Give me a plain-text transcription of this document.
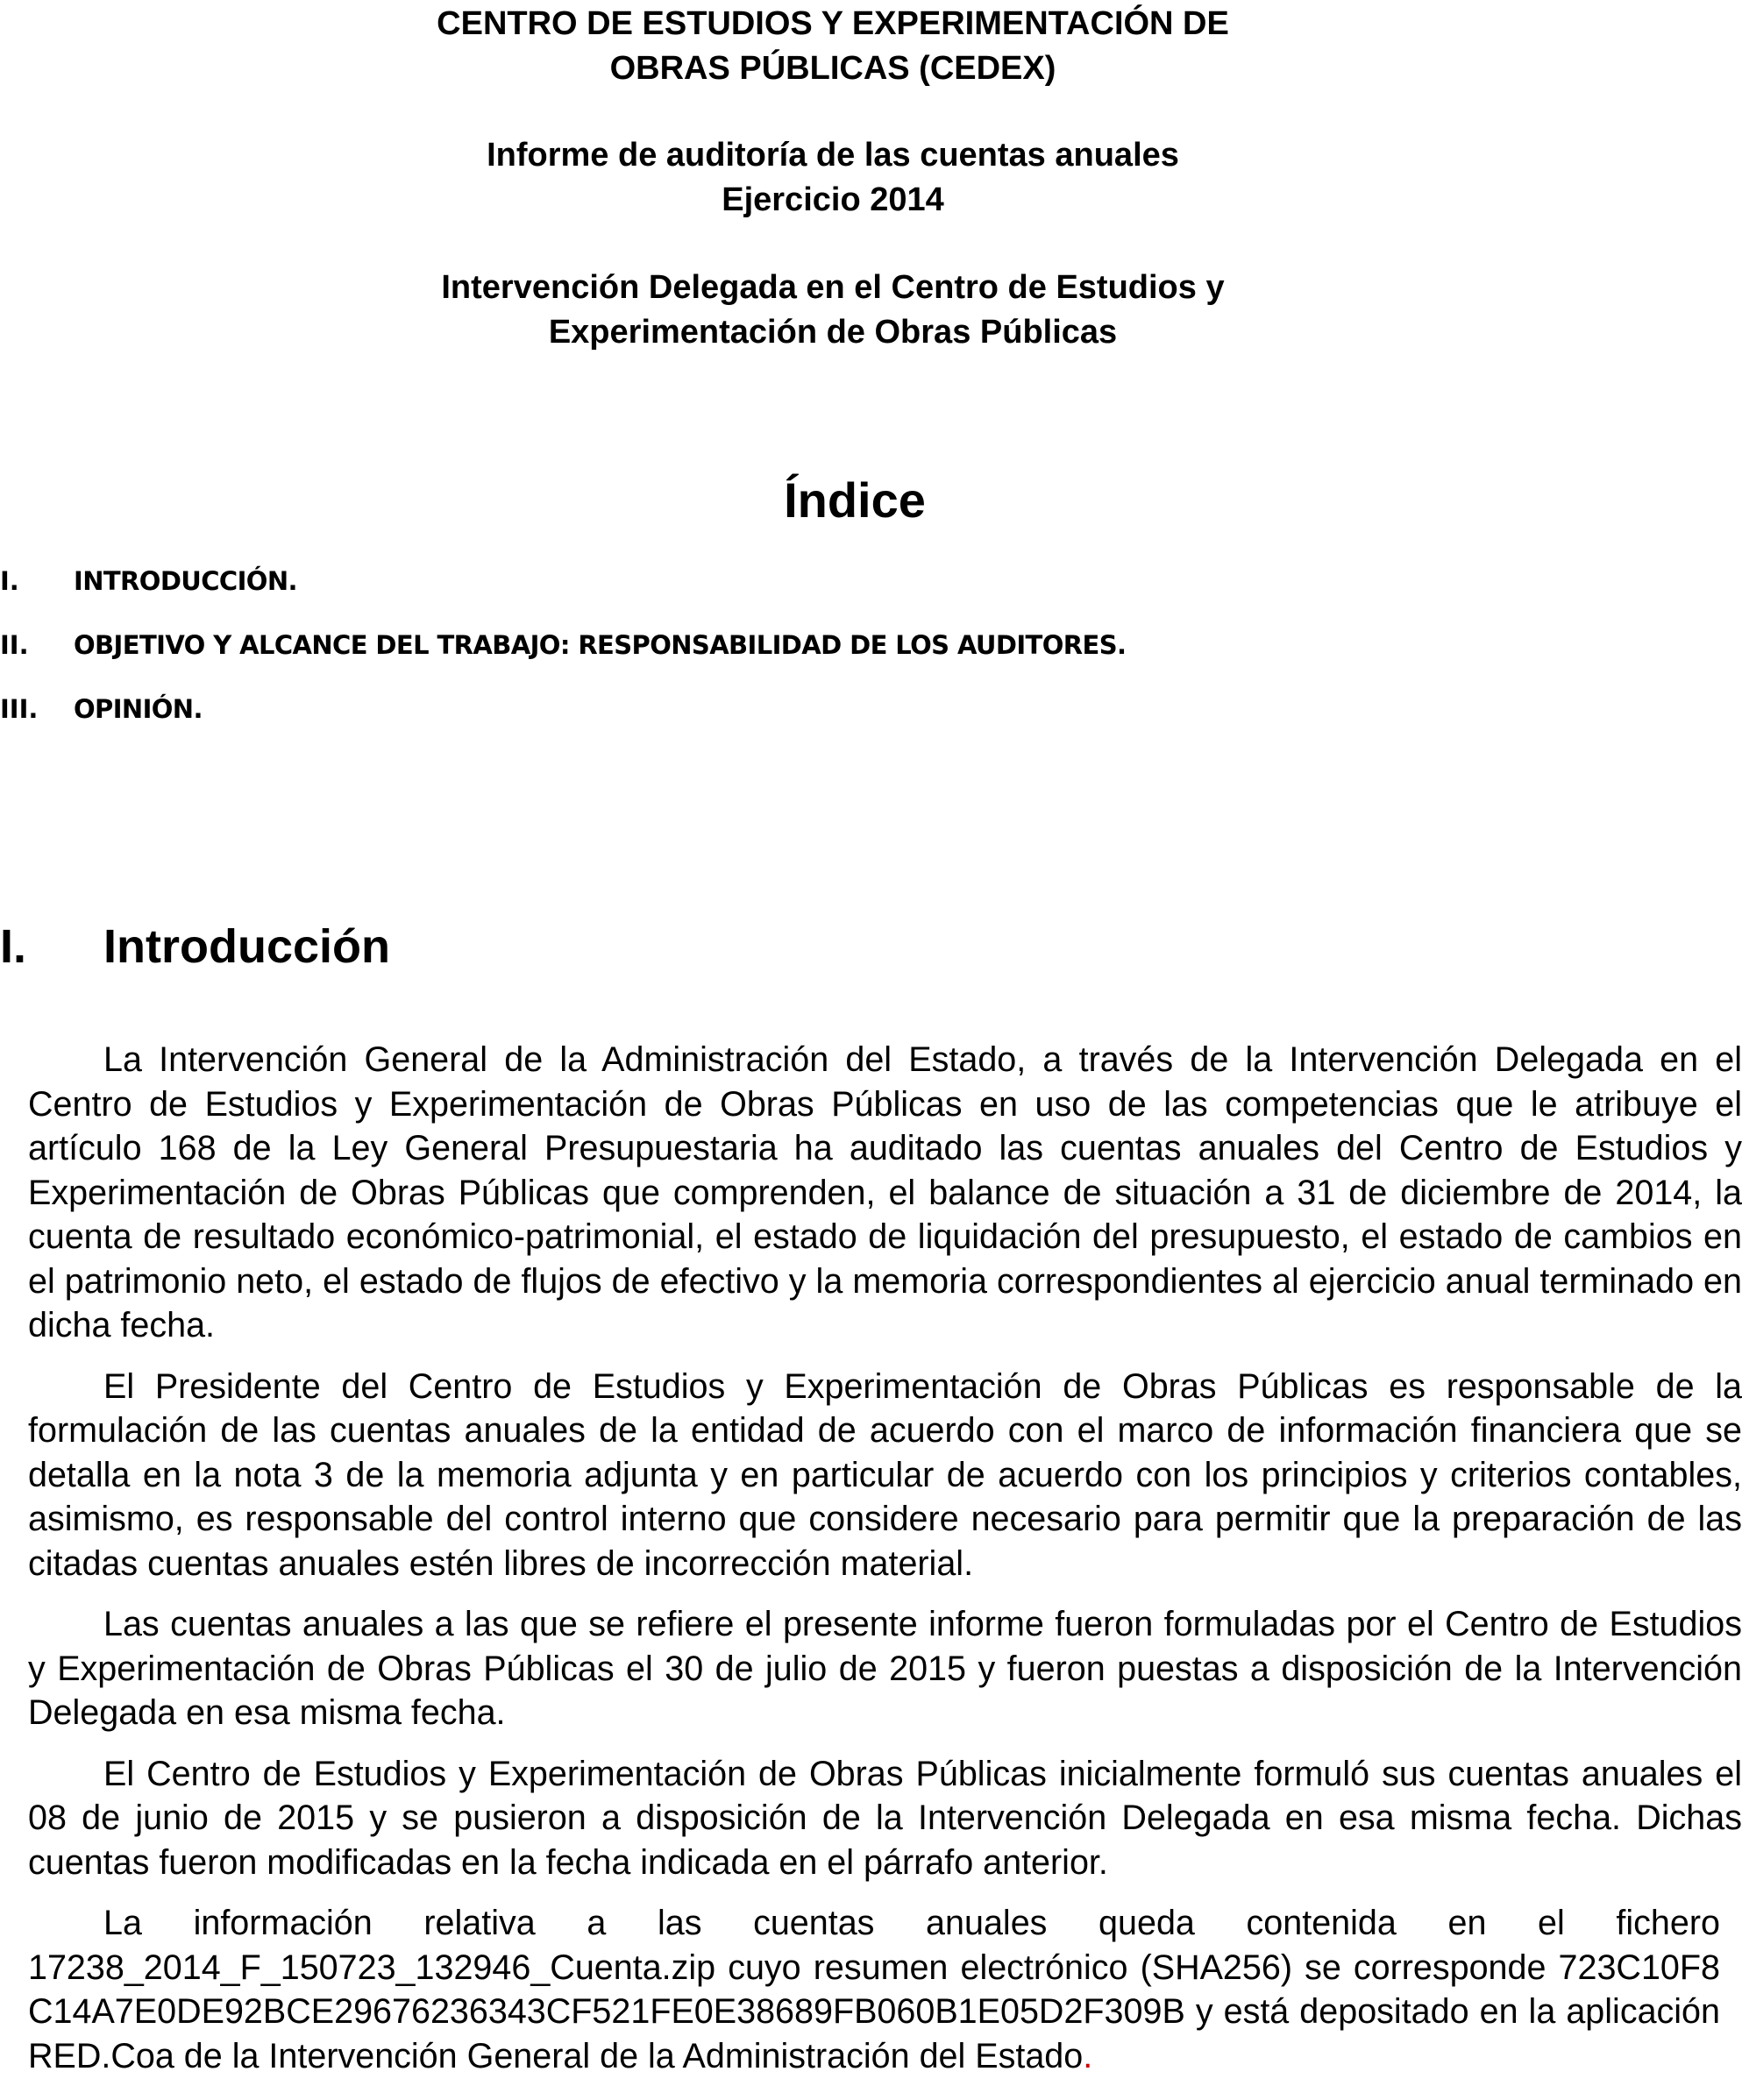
CENTRO DE ESTUDIOS Y EXPERIMENTACIÓN DE
OBRAS PÚBLICAS (CEDEX)
Informe de auditoría de las cuentas anuales
Ejercicio 2014
Intervención Delegada en el Centro de Estudios y
Experimentación de Obras Públicas
Índice
I.	INTRODUCCIÓN.
II.	OBJETIVO Y ALCANCE DEL TRABAJO: RESPONSABILIDAD DE LOS AUDITORES.
III.	OPINIÓN.
I. Introducción

La Intervención General de la Administración del Estado, a través de la Intervención Delegada en el Centro de Estudios y Experimentación de Obras Públicas en uso de las competencias que le atribuye el artículo 168 de la Ley General Presupuestaria ha auditado las cuentas anuales del Centro de Estudios y Experimentación de Obras Públicas que comprenden, el balance de situación a 31 de diciembre de 2014, la cuenta de resultado económico-patrimonial, el estado de liquidación del presupuesto, el estado de cambios en el patrimonio neto, el estado de flujos de efectivo y la memoria correspondientes al ejercicio anual terminado en dicha fecha.

El Presidente del Centro de Estudios y Experimentación de Obras Públicas es responsable de la formulación de las cuentas anuales de la entidad de acuerdo con el marco de información financiera que se detalla en la nota 3 de la memoria adjunta y en particular de acuerdo con los principios y criterios contables, asimismo, es responsable del control interno que considere necesario para permitir que la preparación de las citadas cuentas anuales estén libres de incorrección material.

Las cuentas anuales a las que se refiere el presente informe fueron formuladas por el Centro de Estudios y Experimentación de Obras Públicas el 30 de julio de 2015 y fueron puestas a disposición de la Intervención Delegada en esa misma fecha.

El Centro de Estudios y Experimentación de Obras Públicas inicialmente formuló sus cuentas anuales el 08 de junio de 2015 y se pusieron a disposición de la Intervención Delegada en esa misma fecha. Dichas cuentas fueron modificadas en la fecha indicada en el párrafo anterior.

La información relativa a las cuentas anuales queda contenida en el fichero 17238_2014_F_150723_132946_Cuenta.zip cuyo resumen electrónico (SHA256) se corresponde 723C10F8C14A7E0DE92BCE29676236343CF521FE0E38689FB060B1E05D2F309B y está depositado en la aplicación RED.Coa de la Intervención General de la Administración del Estado.
